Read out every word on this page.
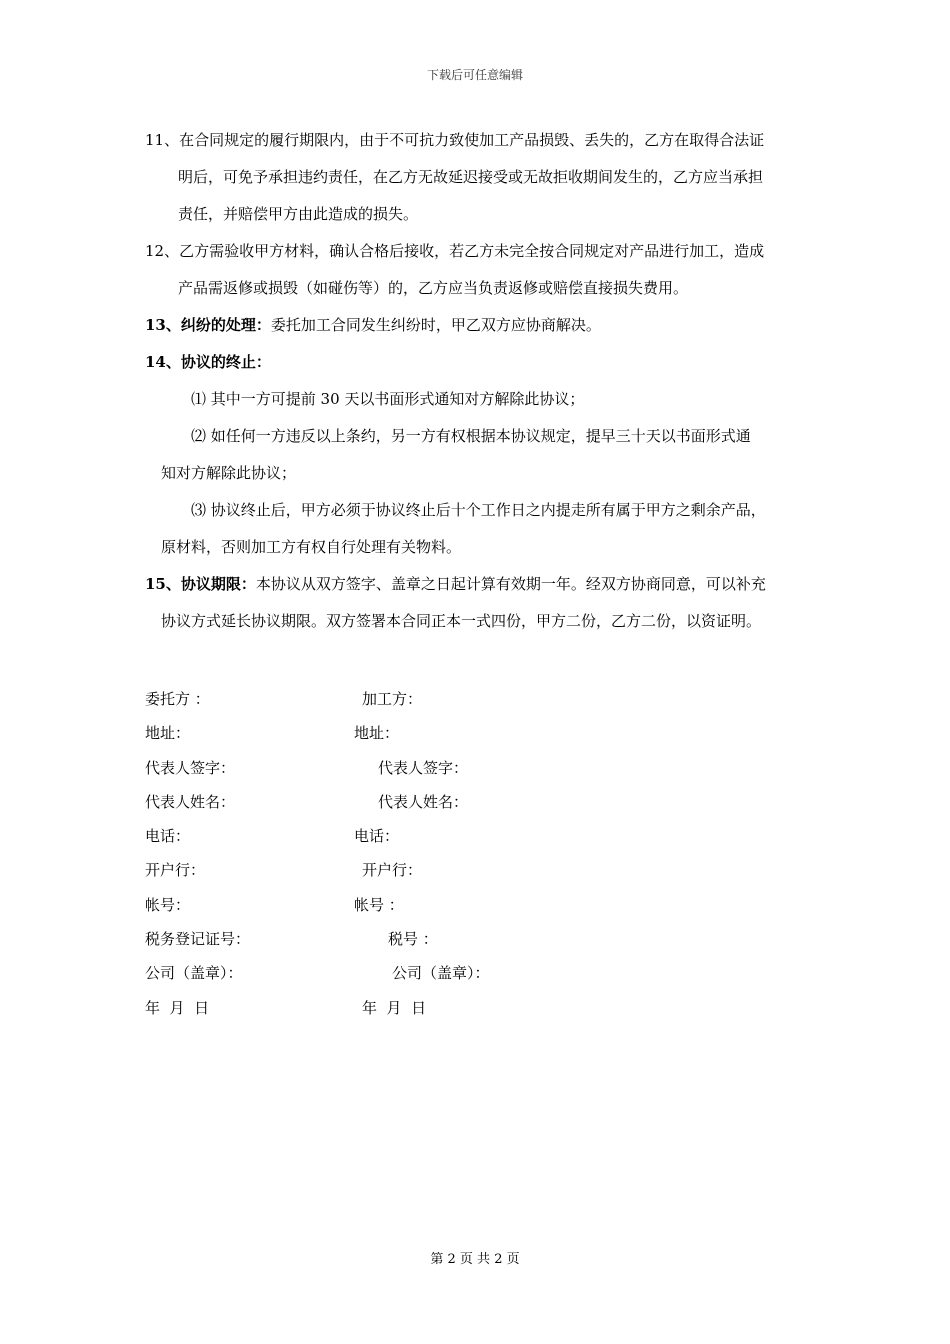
下载后可任意编辑
11、在合同规定的履行期限内，由于不可抗力致使加工产品损毁、丢失的，乙方在取得合法证
明后，可免予承担违约责任，在乙方无故延迟接受或无故拒收期间发生的，乙方应当承担
责任，并赔偿甲方由此造成的损失。
12、乙方需验收甲方材料，确认合格后接收，若乙方未完全按合同规定对产品进行加工，造成
产品需返修或损毁（如碰伤等）的，乙方应当负责返修或赔偿直接损失费用。
13、纠纷的处理：委托加工合同发生纠纷时，甲乙双方应协商解决。
14、协议的终止：
⑴ 其中一方可提前 30 天以书面形式通知对方解除此协议；
⑵ 如任何一方违反以上条约，另一方有权根据本协议规定，提早三十天以书面形式通
知对方解除此协议；
⑶ 协议终止后，甲方必须于协议终止后十个工作日之内提走所有属于甲方之剩余产品，
原材料，否则加工方有权自行处理有关物料。
15、协议期限：本协议从双方签字、盖章之日起计算有效期一年。经双方协商同意，可以补充
协议方式延长协议期限。双方签署本合同正本一式四份，甲方二份，乙方二份，以资证明。
委托方 ：	加工方：
地址：	地址：
代表人签字：	代表人签字：
代表人姓名：	代表人姓名：
电话：	电话：
开户行：	开户行：
帐号：	帐号 ：
税务登记证号：	税号 ：
公司（盖章）：	公司（盖章）：
年  月  日	年  月  日
第 2 页 共 2 页
